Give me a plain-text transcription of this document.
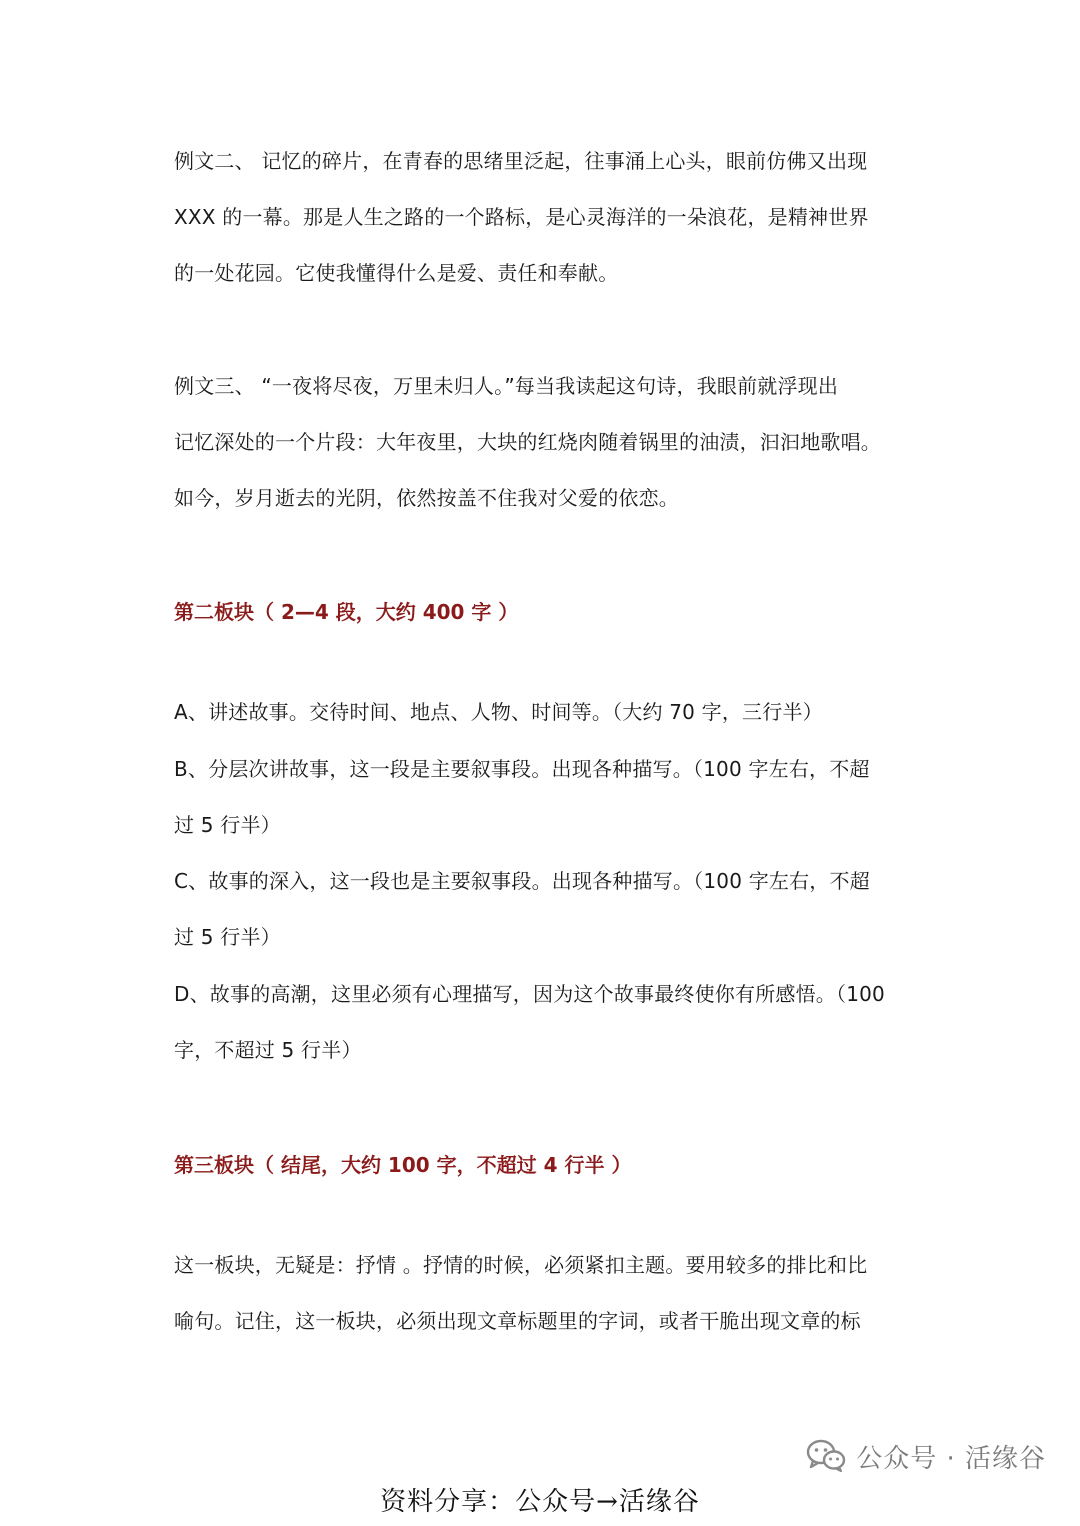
例文二、 记忆的碎片，在青春的思绪里泛起，往事涌上心头，眼前仿佛又出现
XXX 的一幕。那是人生之路的一个路标，是心灵海洋的一朵浪花，是精神世界
的一处花园。它使我懂得什么是爱、责任和奉献。
例文三、 “一夜将尽夜，万里未归人。”每当我读起这句诗，我眼前就浮现出
记忆深处的一个片段：大年夜里，大块的红烧肉随着锅里的油渍，汩汩地歌唱。
如今，岁月逝去的光阴，依然按盖不住我对父爱的依恋。
第二板块（ 2—4 段，大约 400 字 ）
A、讲述故事。交待时间、地点、人物、时间等。（大约 70 字，三行半）
B、分层次讲故事，这一段是主要叙事段。出现各种描写。（100 字左右，不超
过 5 行半）
C、故事的深入，这一段也是主要叙事段。出现各种描写。（100 字左右，不超
过 5 行半）
D、故事的高潮，这里必须有心理描写，因为这个故事最终使你有所感悟。（100
字，不超过 5 行半）
第三板块（ 结尾，大约 100 字，不超过 4 行半 ）
这一板块，无疑是：抒情 。抒情的时候，必须紧扣主题。要用较多的排比和比
喻句。记住，这一板块，必须出现文章标题里的字词，或者干脆出现文章的标
公众号 · 活缘谷
资料分享：公众号→活缘谷
